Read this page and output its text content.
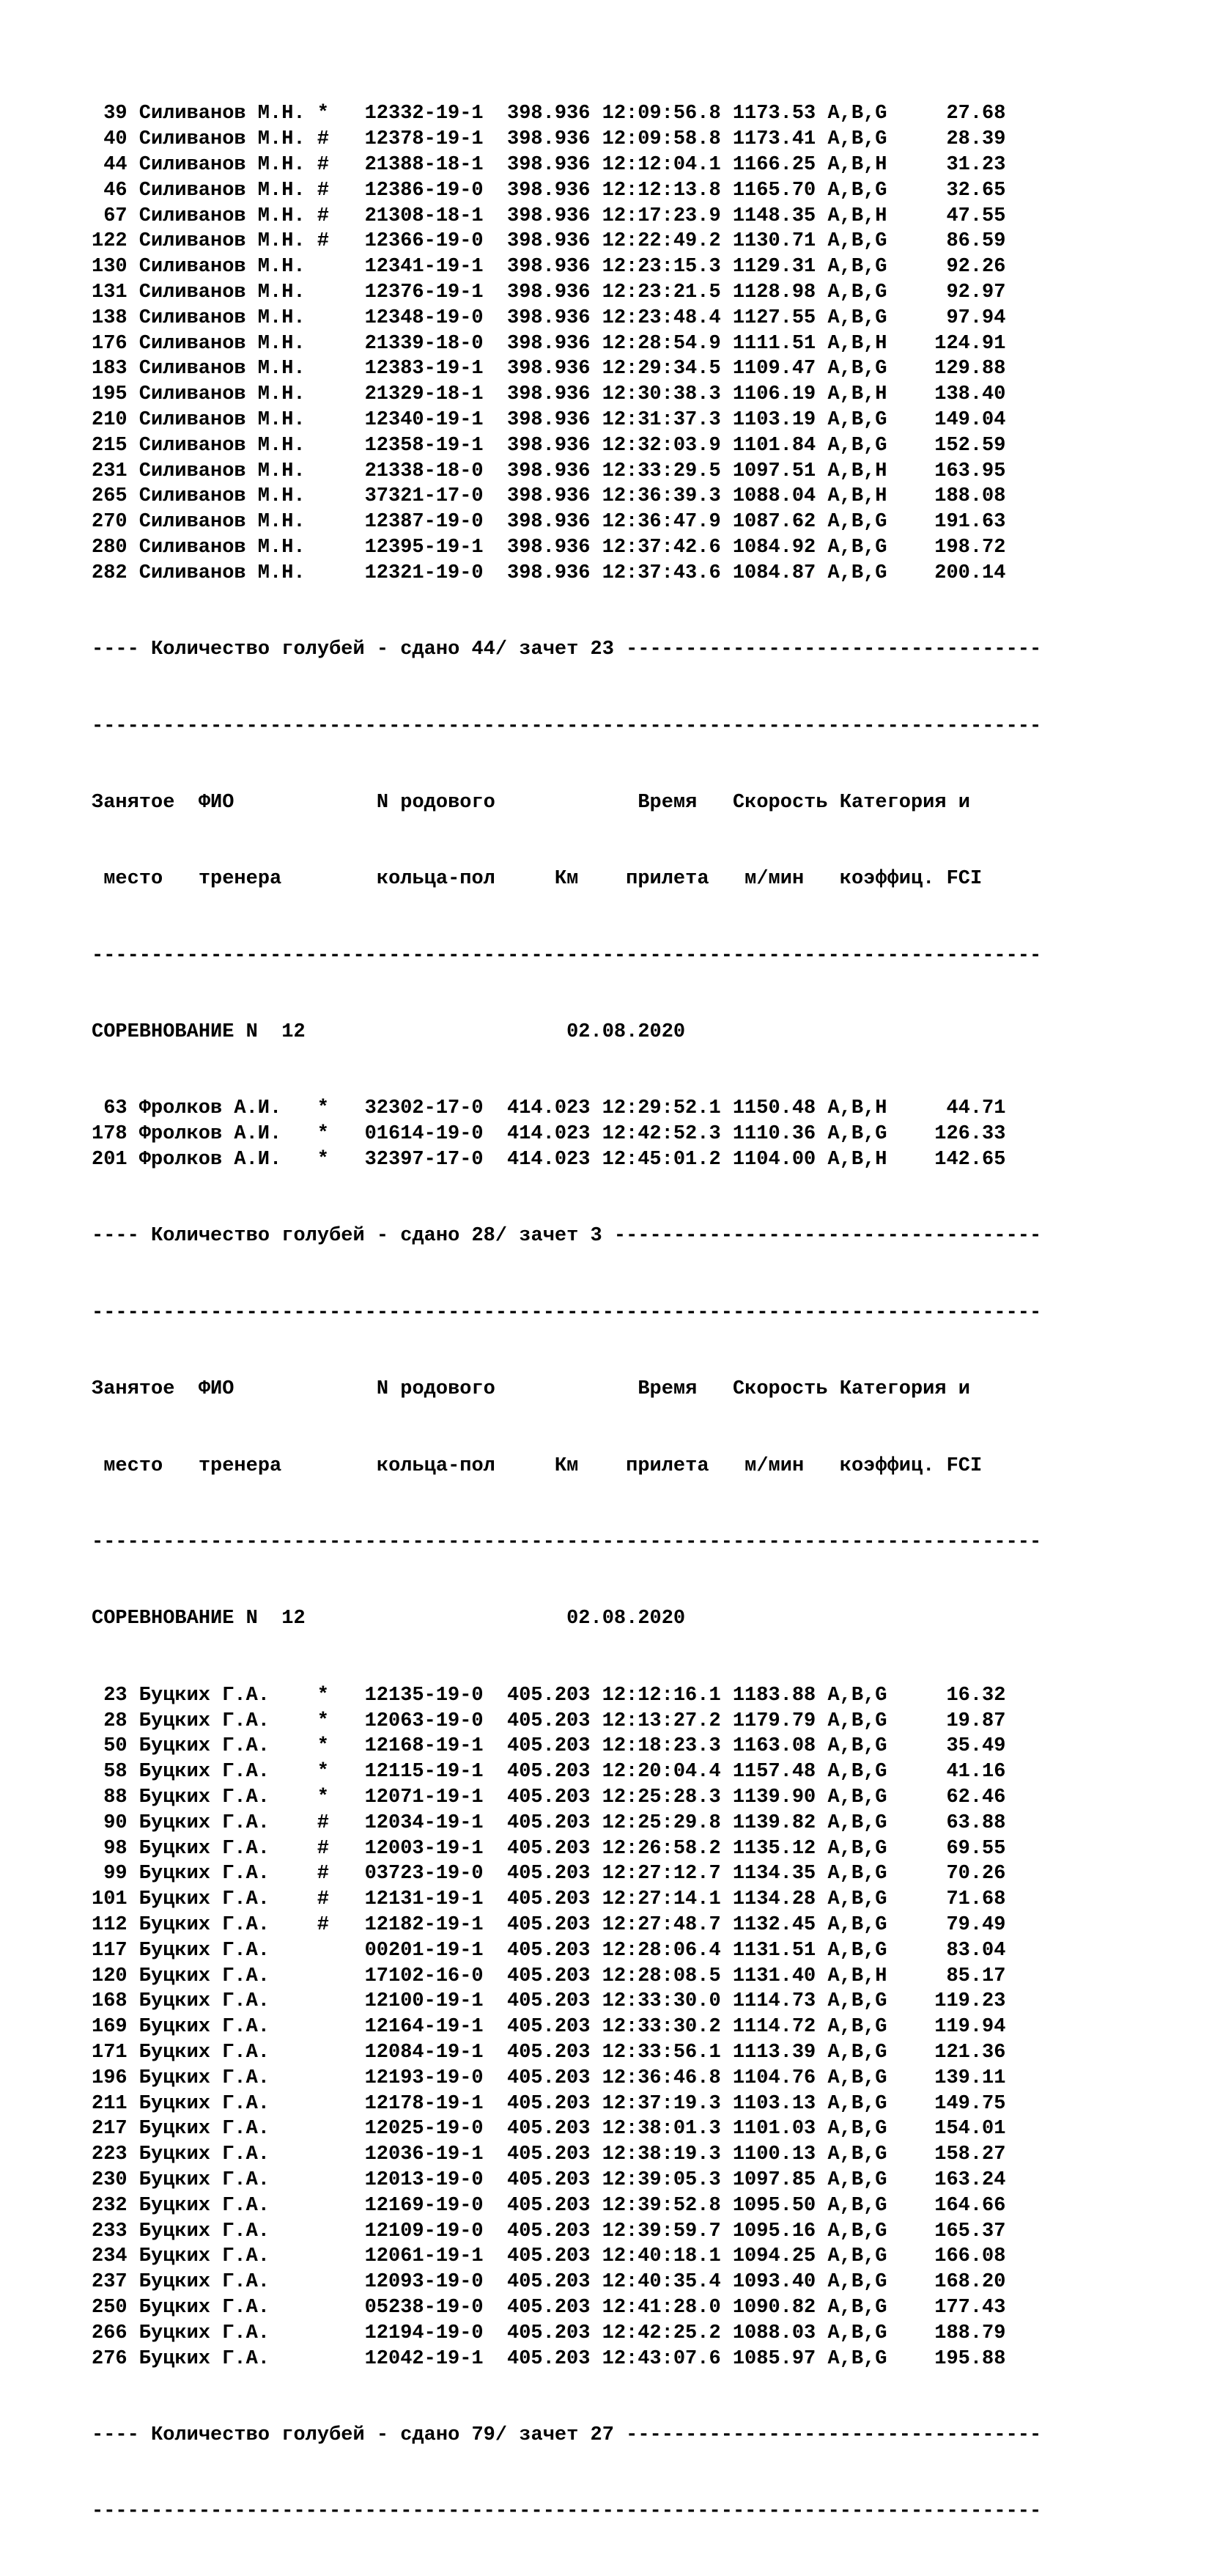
39 Силиванов М.Н. * 12332-19-1 398.936 12:09:56.8 1173.53 A,B,G	27.68
40 Силиванов М.Н. # 12378-19-1 398.936 12:09:58.8 1173.41 A,B,G	28.39
44 Силиванов М.Н. # 21388-18-1 398.936 12:12:04.1 1166.25 A,B,H	31.23
46 Силиванов М.Н. # 12386-19-0 398.936 12:12:13.8 1165.70 A,B,G	32.65
67 Силиванов М.Н. # 21308-18-1 398.936 12:17:23.9 1148.35 A,B,H	47.55
122 Силиванов М.Н. # 12366-19-0 398.936 12:22:49.2 1130.71 A,B,G	86.59
130 Силиванов М.Н.	12341-19-1 398.936 12:23:15.3 1129.31 A,B,G	92.26
131 Силиванов М.Н.	12376-19-1 398.936 12:23:21.5 1128.98 A,B,G	92.97
138 Силиванов М.Н.	12348-19-0 398.936 12:23:48.4 1127.55 A,B,G	97.94
176 Силиванов М.Н.	21339-18-0 398.936 12:28:54.9 1111.51 A,B,H 124.91
183 Силиванов М.Н.	12383-19-1 398.936 12:29:34.5 1109.47 A,B,G 129.88
195 Силиванов М.Н.	21329-18-1 398.936 12:30:38.3 1106.19 A,B,H 138.40
210 Силиванов М.Н.	12340-19-1 398.936 12:31:37.3 1103.19 A,B,G 149.04
215 Силиванов М.Н.	12358-19-1 398.936 12:32:03.9 1101.84 A,B,G 152.59
231 Силиванов М.Н.	21338-18-0 398.936 12:33:29.5 1097.51 A,B,H 163.95
265 Силиванов М.Н.	37321-17-0 398.936 12:36:39.3 1088.04 A,B,H 188.08
270 Силиванов М.Н.	12387-19-0 398.936 12:36:47.9 1087.62 A,B,G 191.63
280 Силиванов М.Н.	12395-19-1 398.936 12:37:42.6 1084.92 A,B,G 198.72
282 Силиванов М.Н.	12321-19-0 398.936 12:37:43.6 1084.87 A,B,G 200.14

---- Количество голубей - сдано 44/ зачет 23 -----------------------------------

--------------------------------------------------------------------------------

Занятое  ФИО            N родового            Время   Скорость Категория и

место   тренера        кольца-пол     Км    прилета   м/мин   коэффиц. FCI

--------------------------------------------------------------------------------

СОРЕВНОВАНИЕ N  12                      02.08.2020

63 Фролков А.И. * 32302-17-0 414.023 12:29:52.1 1150.48 A,B,H	44.71
178 Фролков А.И. * 01614-19-0 414.023 12:42:52.3 1110.36 A,B,G 126.33
201 Фролков А.И. * 32397-17-0 414.023 12:45:01.2 1104.00 A,B,H 142.65

---- Количество голубей - сдано 28/ зачет 3 ------------------------------------

--------------------------------------------------------------------------------

Занятое  ФИО            N родового            Время   Скорость Категория и

место   тренера        кольца-пол     Км    прилета   м/мин   коэффиц. FCI

--------------------------------------------------------------------------------

СОРЕВНОВАНИЕ N  12                      02.08.2020

23 Буцких Г.А. * 12135-19-0 405.203 12:12:16.1 1183.88 A,B,G	16.32
28 Буцких Г.А. * 12063-19-0 405.203 12:13:27.2 1179.79 A,B,G	19.87
50 Буцких Г.А. * 12168-19-1 405.203 12:18:23.3 1163.08 A,B,G	35.49
58 Буцких Г.А. * 12115-19-1 405.203 12:20:04.4 1157.48 A,B,G	41.16
88 Буцких Г.А. * 12071-19-1 405.203 12:25:28.3 1139.90 A,B,G	62.46
90 Буцких Г.А. # 12034-19-1 405.203 12:25:29.8 1139.82 A,B,G	63.88
98 Буцких Г.А. # 12003-19-1 405.203 12:26:58.2 1135.12 A,B,G	69.55
99 Буцких Г.А. # 03723-19-0 405.203 12:27:12.7 1134.35 A,B,G	70.26
101 Буцких Г.А. # 12131-19-1 405.203 12:27:14.1 1134.28 A,B,G	71.68
112 Буцких Г.А. # 12182-19-1 405.203 12:27:48.7 1132.45 A,B,G	79.49
117 Буцких Г.А.	00201-19-1 405.203 12:28:06.4 1131.51 A,B,G	83.04
120 Буцких Г.А.	17102-16-0 405.203 12:28:08.5 1131.40 A,B,H	85.17
168 Буцких Г.А.	12100-19-1 405.203 12:33:30.0 1114.73 A,B,G 119.23
169 Буцких Г.А.	12164-19-1 405.203 12:33:30.2 1114.72 A,B,G 119.94
171 Буцких Г.А.	12084-19-1 405.203 12:33:56.1 1113.39 A,B,G 121.36
196 Буцких Г.А.	12193-19-0 405.203 12:36:46.8 1104.76 A,B,G 139.11
211 Буцких Г.А.	12178-19-1 405.203 12:37:19.3 1103.13 A,B,G 149.75
217 Буцких Г.А.	12025-19-0 405.203 12:38:01.3 1101.03 A,B,G 154.01
223 Буцких Г.А.	12036-19-1 405.203 12:38:19.3 1100.13 A,B,G 158.27
230 Буцких Г.А.	12013-19-0 405.203 12:39:05.3 1097.85 A,B,G 163.24
232 Буцких Г.А.	12169-19-0 405.203 12:39:52.8 1095.50 A,B,G 164.66
233 Буцких Г.А.	12109-19-0 405.203 12:39:59.7 1095.16 A,B,G 165.37
234 Буцких Г.А.	12061-19-1 405.203 12:40:18.1 1094.25 A,B,G 166.08
237 Буцких Г.А.	12093-19-0 405.203 12:40:35.4 1093.40 A,B,G 168.20
250 Буцких Г.А.	05238-19-0 405.203 12:41:28.0 1090.82 A,B,G 177.43
266 Буцких Г.А.	12194-19-0 405.203 12:42:25.2 1088.03 A,B,G 188.79
276 Буцких Г.А.	12042-19-1 405.203 12:43:07.6 1085.97 A,B,G 195.88

---- Количество голубей - сдано 79/ зачет 27 -----------------------------------

--------------------------------------------------------------------------------
